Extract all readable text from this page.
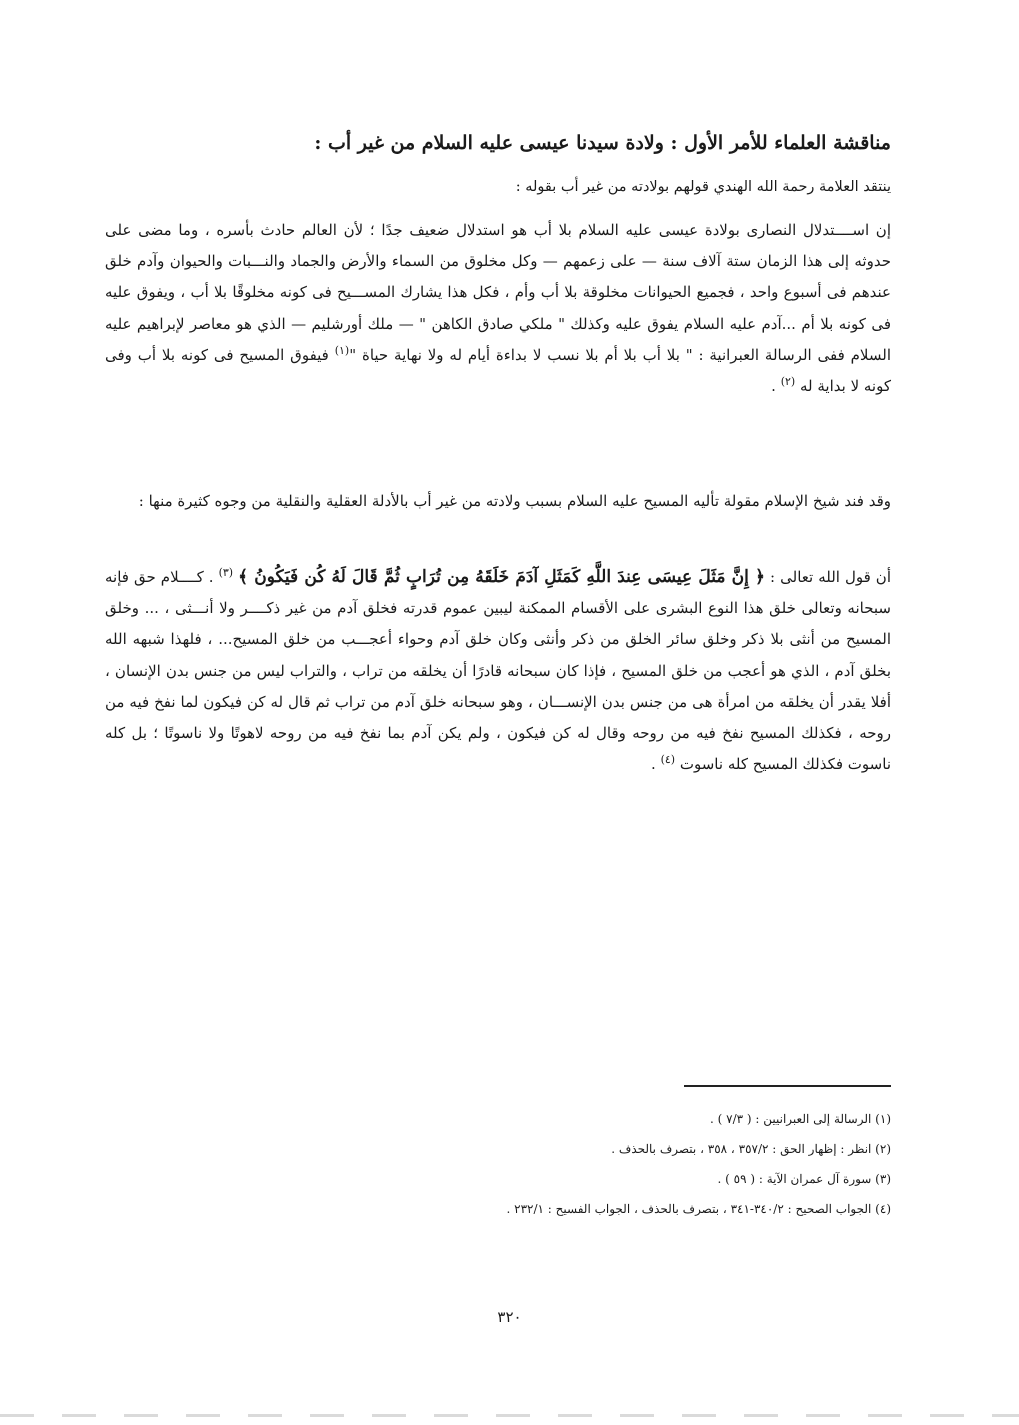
مناقشة العلماء للأمر الأول : ولادة سيدنا عيسى عليه السلام من غير أب :
ينتقد العلامة رحمة الله الهندي قولهم بولادته من غير أب بقوله :
إن اســــتدلال النصارى بولادة عيسى عليه السلام بلا أب هو استدلال ضعيف جدًا ؛ لأن العالم حادث بأسره ، وما مضى على حدوثه إلى هذا الزمان ستة آلاف سنة — على زعمهم — وكل مخلوق من السماء والأرض والجماد والنـــبات والحيوان وآدم خلق عندهم فى أسبوع واحد ، فجميع الحيوانات مخلوقة بلا أب وأم ، فكل هذا يشارك المســـيح فى كونه مخلوقًا بلا أب ، ويفوق عليه فى كونه بلا أم ...آدم عليه السلام يفوق عليه وكذلك " ملكي صادق الكاهن " — ملك أورشليم — الذي هو معاصر لإبراهيم عليه السلام ففى الرسالة العبرانية : " بلا أب بلا أم بلا نسب لا بداءة أيام له ولا نهاية حياة "$^{(١)}$ فيفوق المسيح فى كونه بلا أب وفى كونه لا بداية له $^{(٢)}$ .
وقد فند شيخ الإسلام مقولة تأليه المسيح عليه السلام بسبب ولادته من غير أب بالأدلة العقلية والنقلية من وجوه كثيرة منها :
أن قول الله تعالى : ﴿ إِنَّ مَثَلَ عِيسَى عِندَ اللَّهِ كَمَثَلِ آدَمَ خَلَقَهُ مِن تُرَابٍ ثُمَّ قَالَ لَهُ كُن فَيَكُونُ ﴾ $^{(٣)}$ . كــــلام حق فإنه سبحانه وتعالى خلق هذا النوع البشرى على الأقسام الممكنة ليبين عموم قدرته فخلق آدم من غير ذكــــر ولا أنـــثى ، ... وخلق المسيح من أنثى بلا ذكر وخلق سائر الخلق من ذكر وأنثى وكان خلق آدم وحواء أعجـــب من خلق المسيح... ، فلهذا شبهه الله بخلق آدم ، الذي هو أعجب من خلق المسيح ، فإذا كان سبحانه قادرًا أن يخلقه من تراب ، والتراب ليس من جنس بدن الإنسان ، أفلا يقدر أن يخلقه من امرأة هى من جنس بدن الإنســـان ، وهو سبحانه خلق آدم من تراب ثم قال له كن فيكون لما نفخ فيه من روحه ، فكذلك المسيح نفخ فيه من روحه وقال له كن فيكون ، ولم يكن آدم بما نفخ فيه من روحه لاهوتًا ولا ناسوتًا ؛ بل كله ناسوت فكذلك المسيح كله ناسوت $^{(٤)}$ .
(١) الرسالة إلى العبرانيين : ( ٧/٣ ) .
(٢) انظر : إظهار الحق : ٣٥٧/٢ ، ٣٥٨ ، بتصرف بالحذف .
(٣) سورة آل عمران الآية : ( ٥٩ ) .
(٤) الجواب الصحيح : ٣٤٠/٢-٣٤١ ، بتصرف بالحذف ، الجواب الفسيح : ٢٣٢/١ .
٣٢٠
